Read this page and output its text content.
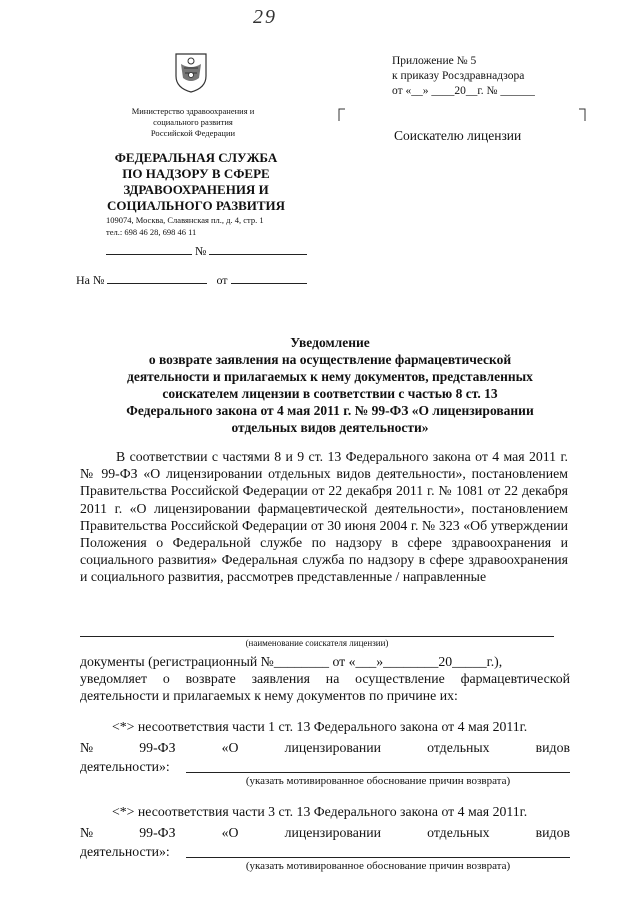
29
Министерство здравоохранения и
социального развития
Российской Федерации
ФЕДЕРАЛЬНАЯ СЛУЖБА
ПО НАДЗОРУ В СФЕРЕ
ЗДРАВООХРАНЕНИЯ И
СОЦИАЛЬНОГО РАЗВИТИЯ
109074, Москва, Славянская пл., д. 4, стр. 1
тел.: 698 46 28, 698 46 11
№
На №	от
Приложение № 5
к приказу Росздравнадзора
от «__» ____20__г. № ______
Соискателю лицензии
Уведомление
о возврате заявления на осуществление фармацевтической
деятельности и прилагаемых к нему документов, представленных
соискателем лицензии в соответствии с частью 8 ст. 13
Федерального закона от 4 мая 2011 г. № 99-ФЗ «О лицензировании
отдельных видов деятельности»
В соответствии с частями 8 и 9 ст. 13 Федерального закона от 4 мая 2011 г. № 99-ФЗ «О лицензировании отдельных видов деятельности», постановлением Правительства Российской Федерации от 22 декабря 2011 г. № 1081 от 22 декабря 2011 г. «О лицензировании фармацевтической деятельности», постановлением Правительства Российской Федерации от 30 июня 2004 г. № 323 «Об утверждении Положения о Федеральной службе по надзору в сфере здравоохранения и социального развития» Федеральная служба по надзору в сфере здравоохранения и социального развития, рассмотрев представленные / направленные
(наименование соискателя лицензии)
документы (регистрационный №________ от «___»________20_____г.),
уведомляет о возврате заявления на осуществление фармацевтической деятельности и прилагаемых к нему документов по причине их:
<*> несоответствия части 1 ст. 13 Федерального закона от 4 мая 2011г.
№	99-ФЗ	«О	лицензировании	отдельных	видов
деятельности»:
(указать мотивированное обоснование причин возврата)
<*> несоответствия части 3 ст. 13 Федерального закона от 4 мая 2011г.
№	99-ФЗ	«О	лицензировании	отдельных	видов
деятельности»:
(указать мотивированное обоснование причин возврата)
